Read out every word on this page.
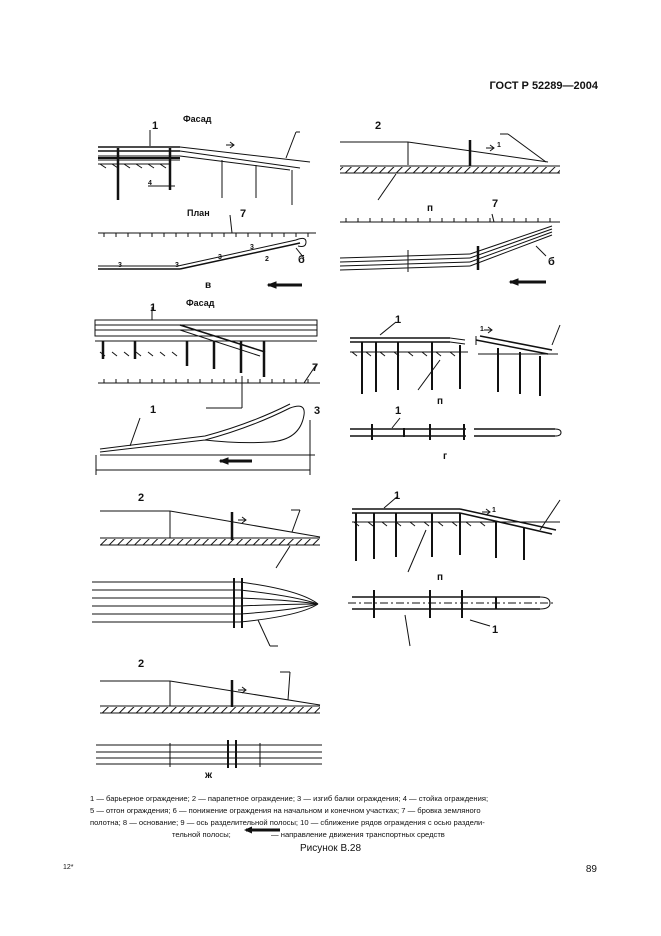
ГОСТ Р 52289—2004
Фасад
План
Фасад
1
4
7
3	3
3
3
2	б
в
2
1
п	7
б
1
7
3
1
1
1
п
1
г
2	1
1
п
1
2
ж
1 — барьерное ограждение; 2 — парапетное ограждение; 3 — изгиб балки ограждения; 4 — стойка ограждения;
5 — отгон ограждения; 6 — понижение ограждения на начальном и конечном участках; 7 — бровка земляного
полотна; 8 — основание; 9 — ось разделительной полосы; 10 — сближение рядов ограждения с осью раздели-
тельной полосы;	— направление движения транспортных средств
Рисунок В.28
12*	89
